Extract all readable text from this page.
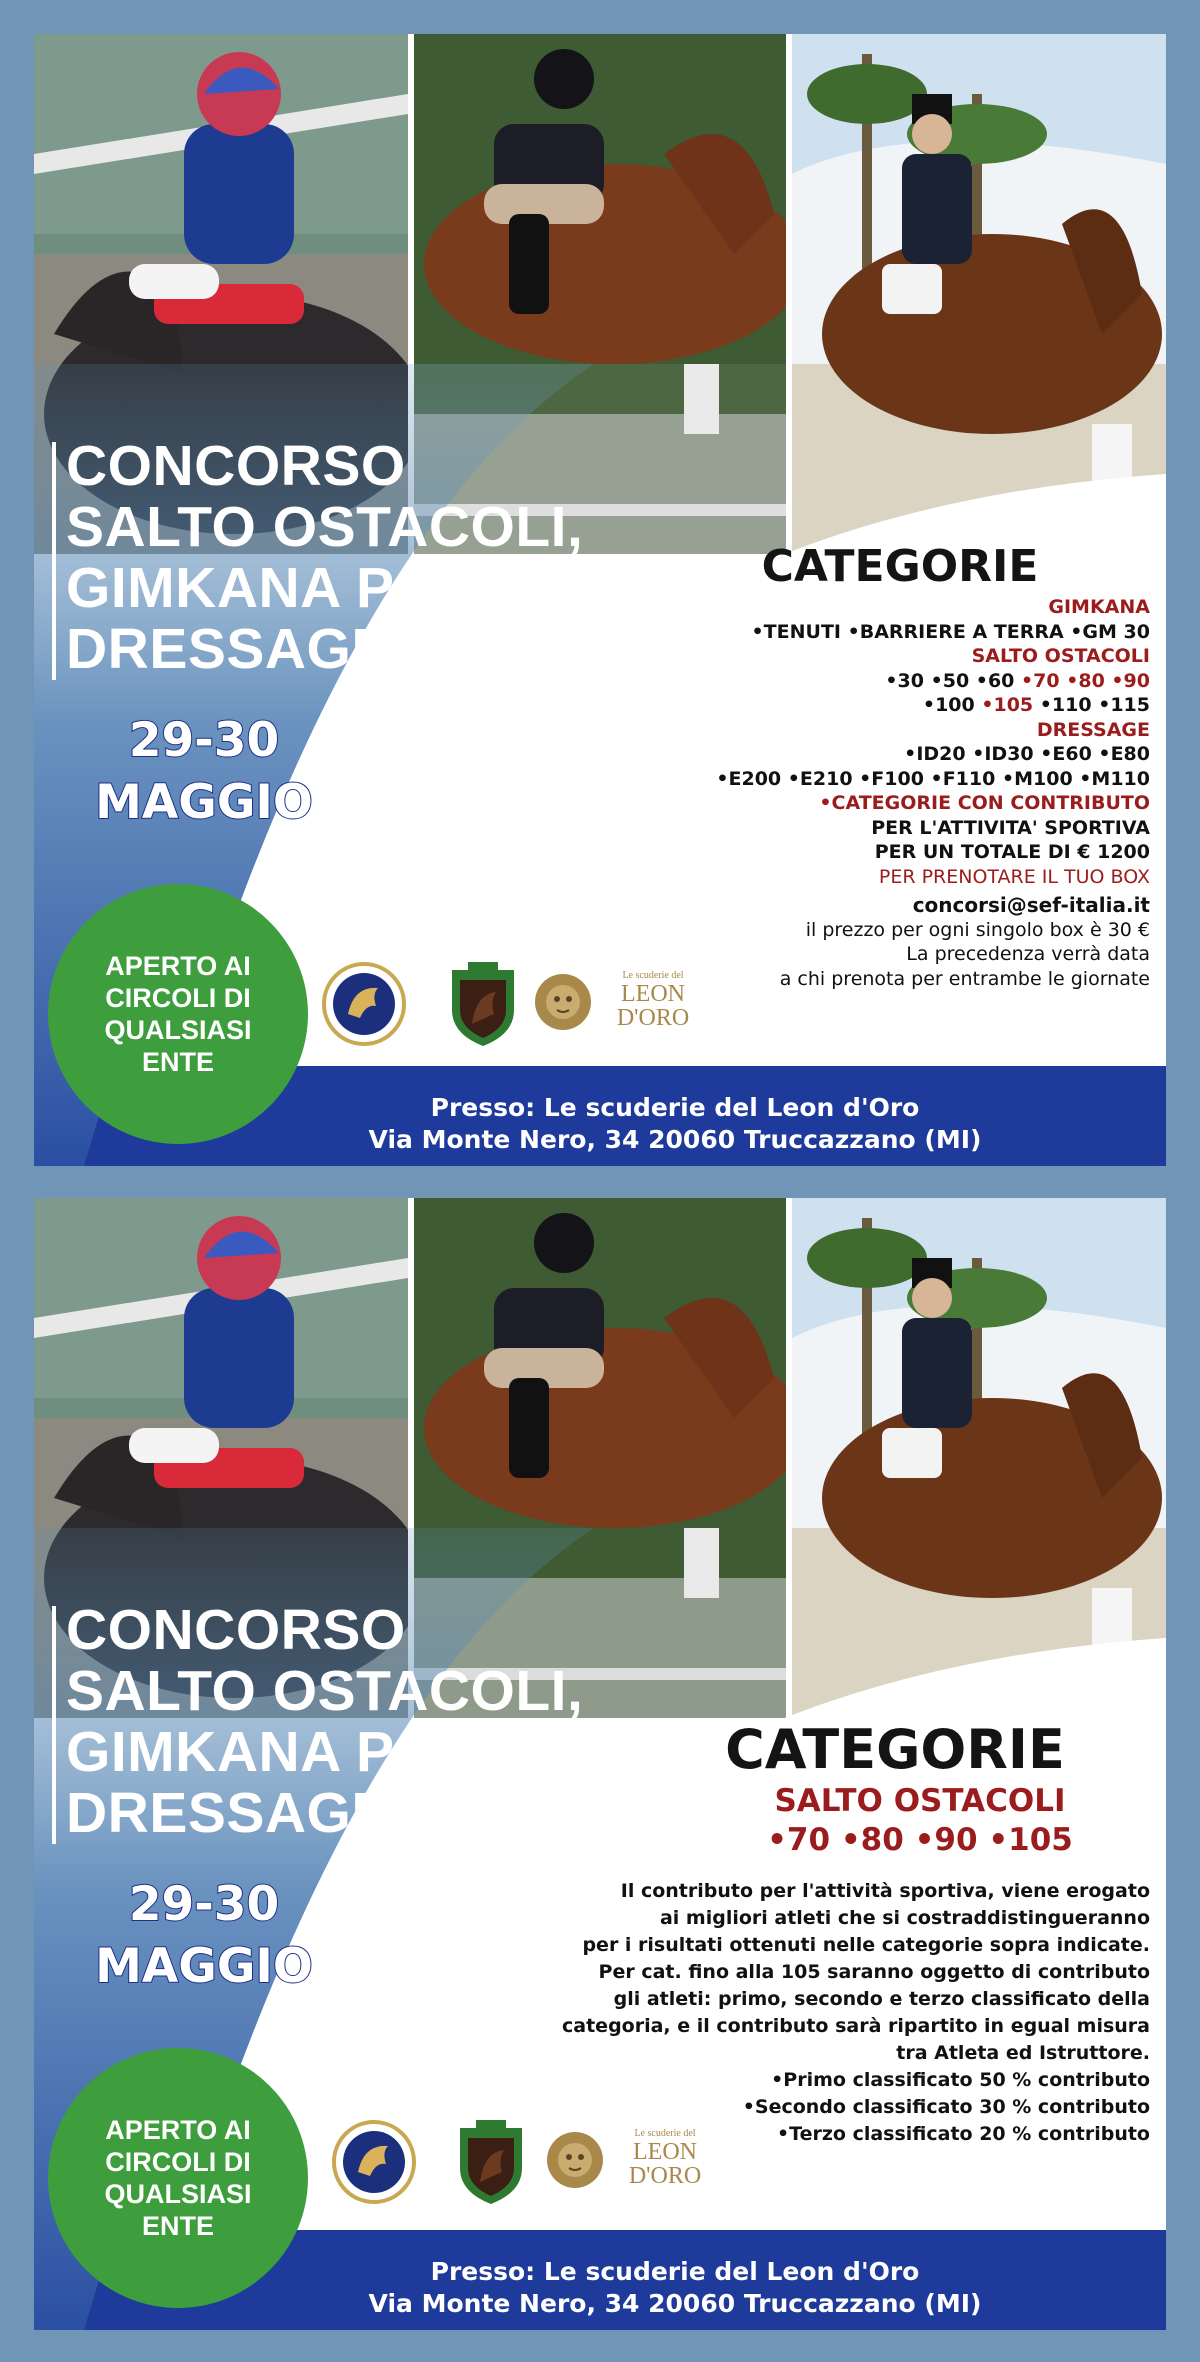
CONCORSO
SALTO OSTACOLI,
GIMKANA PONY,
DRESSAGE
29-30
MAGGIO
APERTO AI
CIRCOLI DI
QUALSIASI
ENTE
Le scuderie del
LEON
D'ORO
CATEGORIE
GIMKANA
•TENUTI •BARRIERE A TERRA •GM 30
SALTO OSTACOLI
•30 •50 •60 •70 •80 •90
•100 •105 •110 •115
DRESSAGE
•ID20 •ID30 •E60 •E80
•E200 •E210 •F100 •F110 •M100 •M110
•CATEGORIE CON CONTRIBUTO
PER L'ATTIVITA' SPORTIVA
PER UN TOTALE DI € 1200
PER PRENOTARE IL TUO BOX
concorsi@sef-italia.it
il prezzo per ogni singolo box è 30 €
La precedenza verrà data
a chi prenota per entrambe le giornate
Presso: Le scuderie del Leon d'Oro
Via Monte Nero, 34 20060 Truccazzano (MI)
CONCORSO
SALTO OSTACOLI,
GIMKANA PONY,
DRESSAGE
29-30
MAGGIO
APERTO AI
CIRCOLI DI
QUALSIASI
ENTE
Le scuderie del
LEON
D'ORO
CATEGORIE
SALTO OSTACOLI
•70 •80 •90 •105
Il contributo per l'attività sportiva, viene erogato
ai migliori atleti che si costraddistingueranno
per i risultati ottenuti nelle categorie sopra indicate.
Per cat. fino alla 105 saranno oggetto di contributo
gli atleti: primo, secondo e terzo classificato della
categoria, e il contributo sarà ripartito in egual misura
tra Atleta ed Istruttore.
•Primo classificato 50 % contributo
•Secondo classificato 30 % contributo
•Terzo classificato 20 % contributo
Presso: Le scuderie del Leon d'Oro
Via Monte Nero, 34 20060 Truccazzano (MI)
